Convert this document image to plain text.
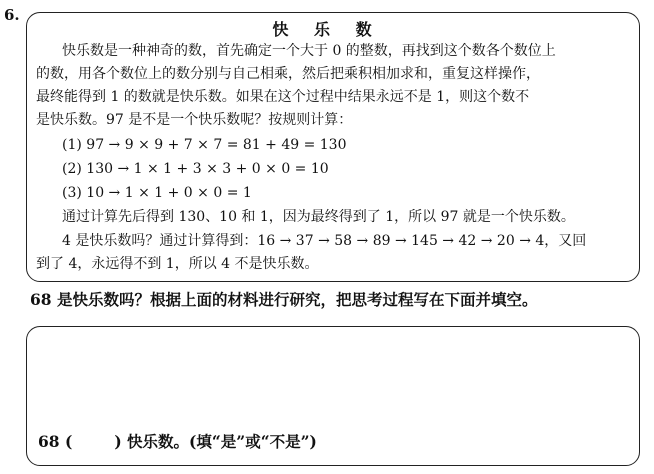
6.
快 乐 数
快乐数是一种神奇的数，首先确定一个大于 0 的整数，再找到这个数各个数位上
的数，用各个数位上的数分别与自己相乘，然后把乘积相加求和，重复这样操作，
最终能得到 1 的数就是快乐数。如果在这个过程中结果永远不是 1，则这个数不
是快乐数。97 是不是一个快乐数呢？按规则计算：
(1) 97 → 9 × 9 + 7 × 7 = 81 + 49 = 130
(2) 130 → 1 × 1 + 3 × 3 + 0 × 0 = 10
(3) 10 → 1 × 1 + 0 × 0 = 1
通过计算先后得到 130、10 和 1，因为最终得到了 1，所以 97 就是一个快乐数。
4 是快乐数吗？通过计算得到：16 → 37 → 58 → 89 → 145 → 42 → 20 → 4，又回
到了 4，永远得不到 1，所以 4 不是快乐数。
68 是快乐数吗？根据上面的材料进行研究，把思考过程写在下面并填空。
68 (	) 快乐数。(填“是”或“不是”)
